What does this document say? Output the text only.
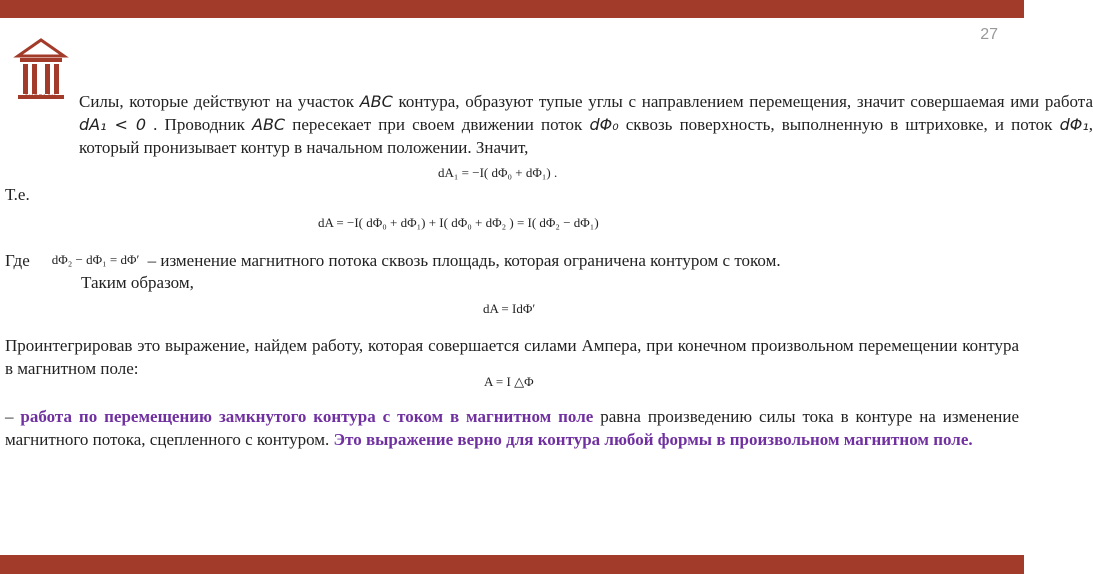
27
СИБГАСУ	Силы, которые действуют на участок ABC контура, образуют тупые углы с направлением перемещения, значит совершаемая ими работа dA₁ < 0 . Проводник ABC пересекает при своем движении поток dΦ₀ сквозь поверхность, выполненную в штриховке, и поток dΦ₁, который пронизывает контур в начальном положении. Значит,
dA₁ = −I( dΦ₀ + dΦ₁) .
Т.е.
dA = −I( dΦ₀ + dΦ₁) + I( dΦ₀ + dΦ₂ ) = I( dΦ₂ − dΦ₁)
Где dΦ₂ − dΦ₁ = dΦ′ – изменение магнитного потока сквозь площадь, которая ограничена контуром с током.
Таким образом,
dA = IdΦ′
Проинтегрировав это выражение, найдем работу, которая совершается силами Ампера, при конечном произвольном перемещении контура в магнитном поле:
A = I △Φ
– работа по перемещению замкнутого контура с током в магнитном поле равна произведению силы тока в контуре на изменение магнитного потока, сцепленного с контуром. Это выражение верно для контура любой формы в произвольном магнитном поле.
